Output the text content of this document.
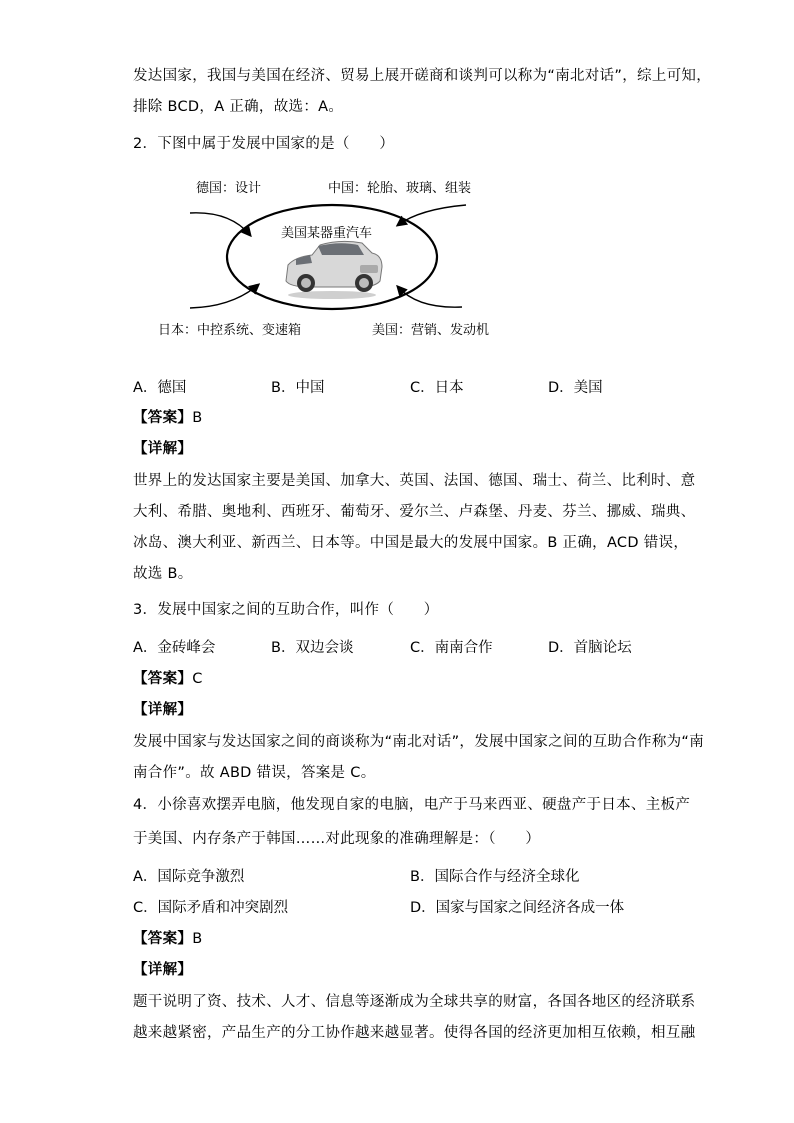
发达国家，我国与美国在经济、贸易上展开磋商和谈判可以称为“南北对话”，综上可知，
排除 BCD，A 正确，故选：A。
2．下图中属于发展中国家的是（　　）
德国：设计	中国：轮胎、玻璃、组装
美国某器重汽车
日本：中控系统、变速箱	美国：营销、发动机
A．德国	B．中国	C．日本	D．美国
【答案】B
【详解】
世界上的发达国家主要是美国、加拿大、英国、法国、德国、瑞士、荷兰、比利时、意
大利、希腊、奥地利、西班牙、葡萄牙、爱尔兰、卢森堡、丹麦、芬兰、挪威、瑞典、
冰岛、澳大利亚、新西兰、日本等。中国是最大的发展中国家。B 正确，ACD 错误，
故选 B。
3．发展中国家之间的互助合作，叫作（　　）
A．金砖峰会	B．双边会谈	C．南南合作	D．首脑论坛
【答案】C
【详解】
发展中国家与发达国家之间的商谈称为“南北对话”，发展中国家之间的互助合作称为“南
南合作”。故 ABD 错误，答案是 C。
4．小徐喜欢摆弄电脑，他发现自家的电脑，电产于马来西亚、硬盘产于日本、主板产
于美国、内存条产于韩国……对此现象的准确理解是：（　　）
A．国际竞争激烈	B．国际合作与经济全球化
C．国际矛盾和冲突剧烈	D．国家与国家之间经济各成一体
【答案】B
【详解】
题干说明了资、技术、人才、信息等逐渐成为全球共享的财富，各国各地区的经济联系
越来越紧密，产品生产的分工协作越来越显著。使得各国的经济更加相互依赖，相互融
